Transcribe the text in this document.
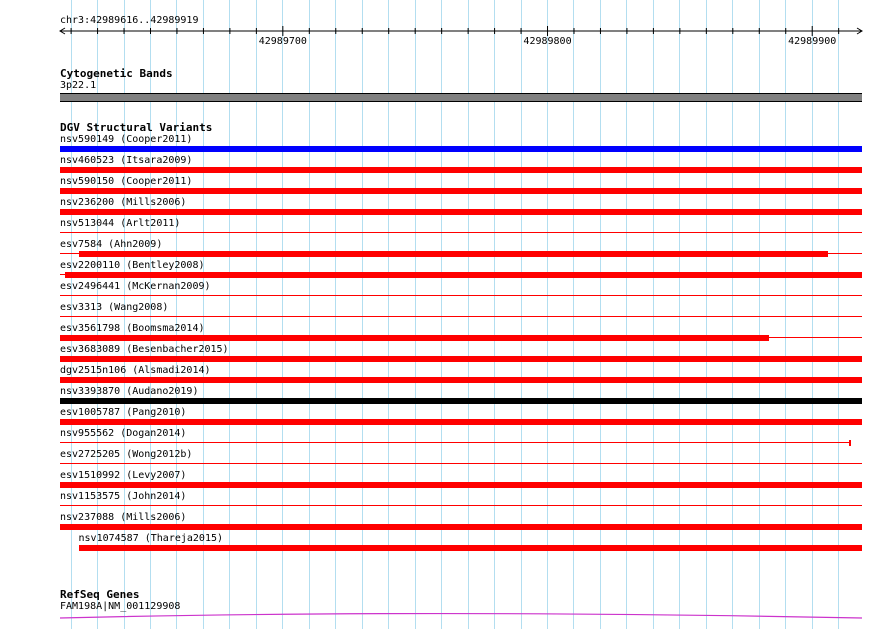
chr3:42989616..42989919
42989700	42989800	42989900
Cytogenetic Bands
3p22.1
DGV Structural Variants
nsv590149 (Cooper2011)
nsv460523 (Itsara2009)
nsv590150 (Cooper2011)
nsv236200 (Mills2006)
nsv513044 (Arlt2011)
esv7584 (Ahn2009)
esv2200110 (Bentley2008)
esv2496441 (McKernan2009)
esv3313 (Wang2008)
esv3561798 (Boomsma2014)
esv3683089 (Besenbacher2015)
dgv2515n106 (Alsmadi2014)
nsv3393870 (Audano2019)
esv1005787 (Pang2010)
nsv955562 (Dogan2014)
esv2725205 (Wong2012b)
esv1510992 (Levy2007)
nsv1153575 (John2014)
nsv237088 (Mills2006)
nsv1074587 (Thareja2015)
RefSeq Genes
FAM198A|NM_001129908
